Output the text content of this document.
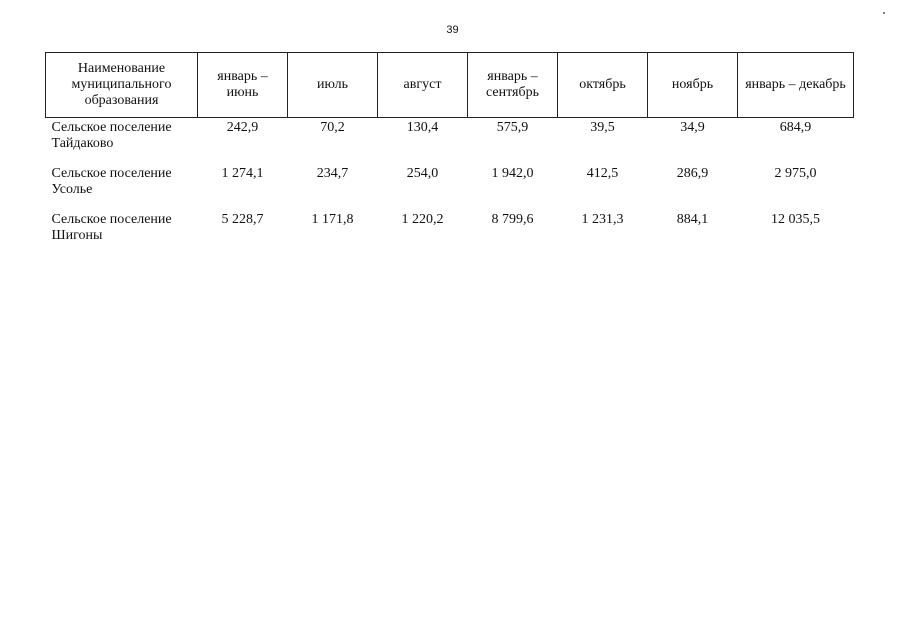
39
Наименование муниципального образования	январь – июнь	июль	август	январь – сентябрь	октябрь	ноябрь	январь – декабрь
Сельское поселение Тайдаково	242,9	70,2	130,4	575,9	39,5	34,9	684,9
Сельское поселение Усолье	1 274,1	234,7	254,0	1 942,0	412,5	286,9	2 975,0
Сельское поселение Шигоны	5 228,7	1 171,8	1 220,2	8 799,6	1 231,3	884,1	12 035,5
